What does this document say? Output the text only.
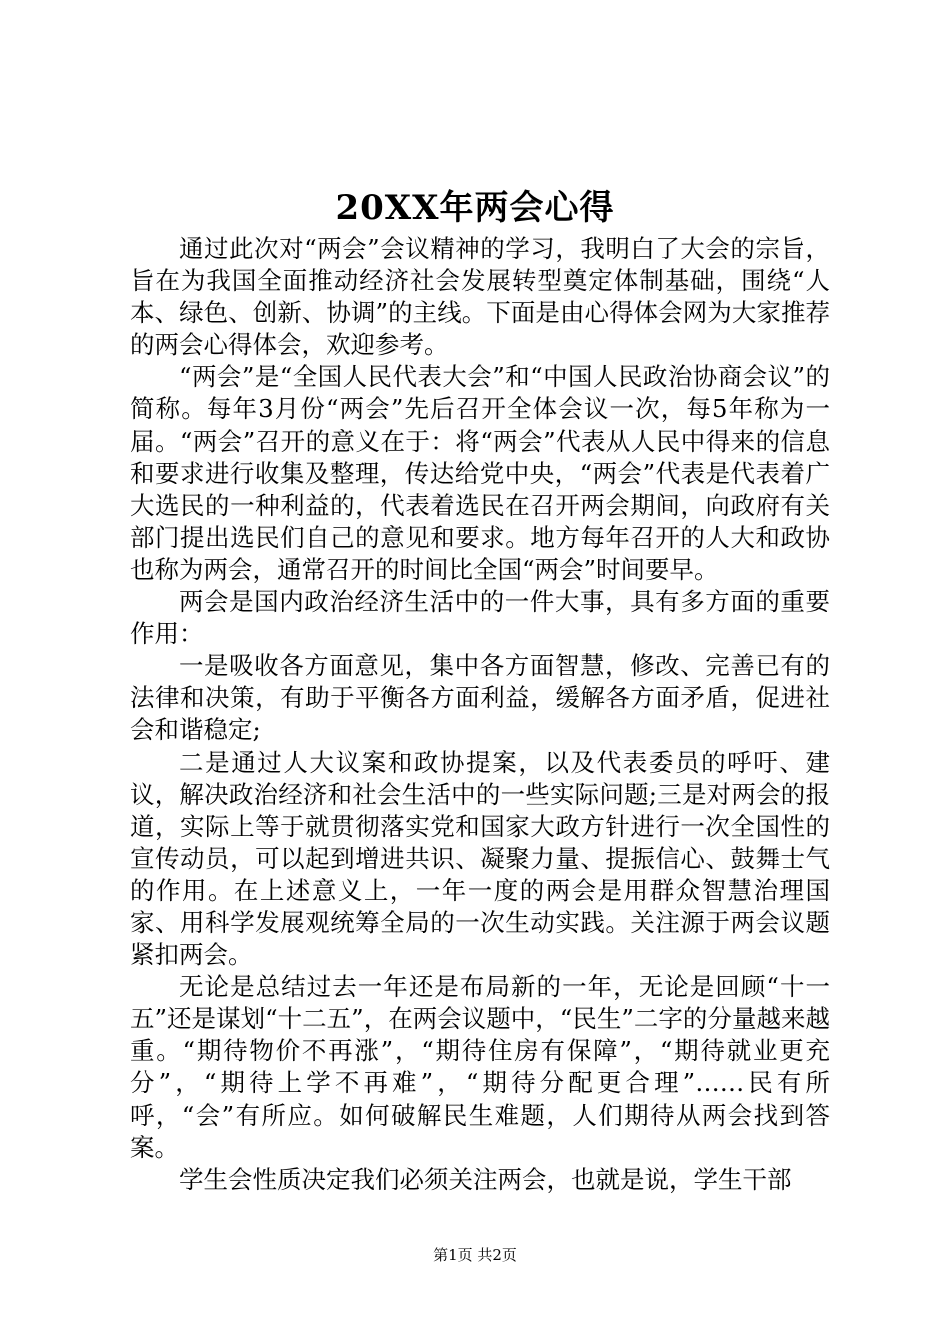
20XX年两会心得

通过此次对“两会”会议精神的学习，我明白了大会的宗旨，旨在为我国全面推动经济社会发展转型奠定体制基础，围绕“人本、绿色、创新、协调”的主线。下面是由心得体会网为大家推荐的两会心得体会，欢迎参考。

“两会”是“全国人民代表大会”和“中国人民政治协商会议”的简称。每年3月份“两会”先后召开全体会议一次，每5年称为一届。“两会”召开的意义在于：将“两会”代表从人民中得来的信息和要求进行收集及整理，传达给党中央，“两会”代表是代表着广大选民的一种利益的，代表着选民在召开两会期间，向政府有关部门提出选民们自己的意见和要求。地方每年召开的人大和政协也称为两会，通常召开的时间比全国“两会”时间要早。

两会是国内政治经济生活中的一件大事，具有多方面的重要作用：

一是吸收各方面意见，集中各方面智慧，修改、完善已有的法律和决策，有助于平衡各方面利益，缓解各方面矛盾，促进社会和谐稳定;

二是通过人大议案和政协提案，以及代表委员的呼吁、建议，解决政治经济和社会生活中的一些实际问题;三是对两会的报道，实际上等于就贯彻落实党和国家大政方针进行一次全国性的宣传动员，可以起到增进共识、凝聚力量、提振信心、鼓舞士气的作用。在上述意义上，一年一度的两会是用群众智慧治理国家、用科学发展观统筹全局的一次生动实践。关注源于两会议题紧扣两会。

无论是总结过去一年还是布局新的一年，无论是回顾“十一五”还是谋划“十二五”，在两会议题中，“民生”二字的分量越来越重。“期待物价不再涨”，“期待住房有保障”，“期待就业更充分”，“期待上学不再难”，“期待分配更合理”……民有所呼，“会”有所应。如何破解民生难题，人们期待从两会找到答案。

学生会性质决定我们必须关注两会，也就是说，学生干部

第1页 共2页
